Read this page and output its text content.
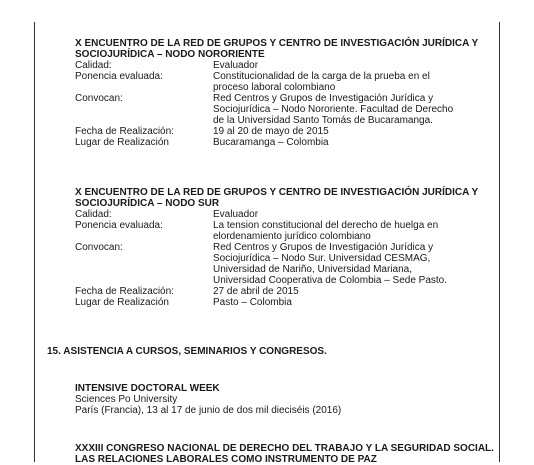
X ENCUENTRO DE LA RED DE GRUPOS Y CENTRO DE INVESTIGACIÓN JURÍDICA Y
SOCIOJURÍDICA – NODO NORORIENTE
Calidad:	Evaluador
Ponencia evaluada:	Constitucionalidad de la carga de la prueba en el
proceso laboral colombiano
Convocan:	Red Centros y Grupos de Investigación Jurídica y
Sociojurídica – Nodo Nororiente. Facultad de Derecho
de la Universidad Santo Tomás de Bucaramanga.
Fecha de Realización:	19 al 20 de mayo de 2015
Lugar de Realización	Bucaramanga – Colombia
X ENCUENTRO DE LA RED DE GRUPOS Y CENTRO DE INVESTIGACIÓN JURÍDICA Y
SOCIOJURÍDICA – NODO SUR
Calidad:	Evaluador
Ponencia evaluada:	La tension constitucional del derecho de huelga en
elordenamiento jurídico colombiano
Convocan:	Red Centros y Grupos de Investigación Jurídica y
Sociojurídica – Nodo Sur. Universidad CESMAG,
Universidad de Nariño, Universidad Mariana,
Universidad Cooperativa de Colombia – Sede Pasto.
Fecha de Realización:	27 de abril de 2015
Lugar de Realización	Pasto – Colombia
15. ASISTENCIA A CURSOS, SEMINARIOS Y CONGRESOS.
INTENSIVE DOCTORAL WEEK
Sciences Po University
París (Francia), 13 al 17 de junio de dos mil dieciséis (2016)
XXXIII CONGRESO NACIONAL DE DERECHO DEL TRABAJO Y LA SEGURIDAD SOCIAL.
LAS RELACIONES LABORALES COMO INSTRUMENTO DE PAZ
